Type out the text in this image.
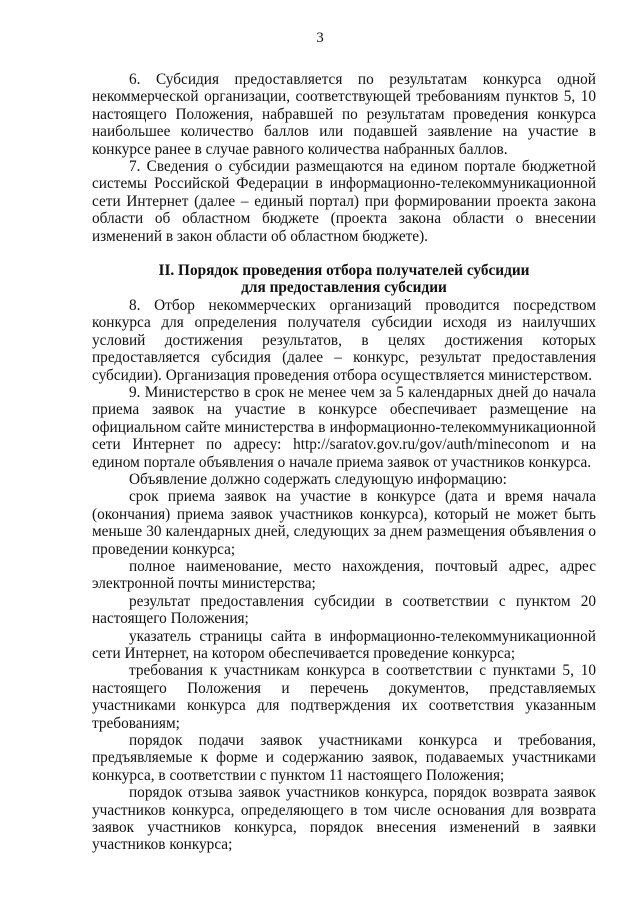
3

6. Субсидия предоставляется по результатам конкурса одной некоммерческой организации, соответствующей требованиям пунктов 5, 10 настоящего Положения, набравшей по результатам проведения конкурса наибольшее количество баллов или подавшей заявление на участие в конкурсе ранее в случае равного количества набранных баллов.

7. Сведения о субсидии размещаются на едином портале бюджетной системы Российской Федерации в информационно-телекоммуникационной сети Интернет (далее – единый портал) при формировании проекта закона области об областном бюджете (проекта закона области о внесении изменений в закон области об областном бюджете).

II. Порядок проведения отбора получателей субсидии
для предоставления субсидии

8. Отбор некоммерческих организаций проводится посредством конкурса для определения получателя субсидии исходя из наилучших условий достижения результатов, в целях достижения которых предоставляется субсидия (далее – конкурс, результат предоставления субсидии). Организация проведения отбора осуществляется министерством.

9. Министерство в срок не менее чем за 5 календарных дней до начала приема заявок на участие в конкурсе обеспечивает размещение на официальном сайте министерства в информационно-телекоммуникационной сети Интернет по адресу: http://saratov.gov.ru/gov/auth/mineconom и на едином портале объявления о начале приема заявок от участников конкурса.

Объявление должно содержать следующую информацию:

срок приема заявок на участие в конкурсе (дата и время начала (окончания) приема заявок участников конкурса), который не может быть меньше 30 календарных дней, следующих за днем размещения объявления о проведении конкурса;

полное наименование, место нахождения, почтовый адрес, адрес электронной почты министерства;

результат предоставления субсидии в соответствии с пунктом 20 настоящего Положения;

указатель страницы сайта в информационно-телекоммуникационной сети Интернет, на котором обеспечивается проведение конкурса;

требования к участникам конкурса в соответствии с пунктами 5, 10 настоящего Положения и перечень документов, представляемых участниками конкурса для подтверждения их соответствия указанным требованиям;

порядок подачи заявок участниками конкурса и требования, предъявляемые к форме и содержанию заявок, подаваемых участниками конкурса, в соответствии с пунктом 11 настоящего Положения;

порядок отзыва заявок участников конкурса, порядок возврата заявок участников конкурса, определяющего в том числе основания для возврата заявок участников конкурса, порядок внесения изменений в заявки участников конкурса;
